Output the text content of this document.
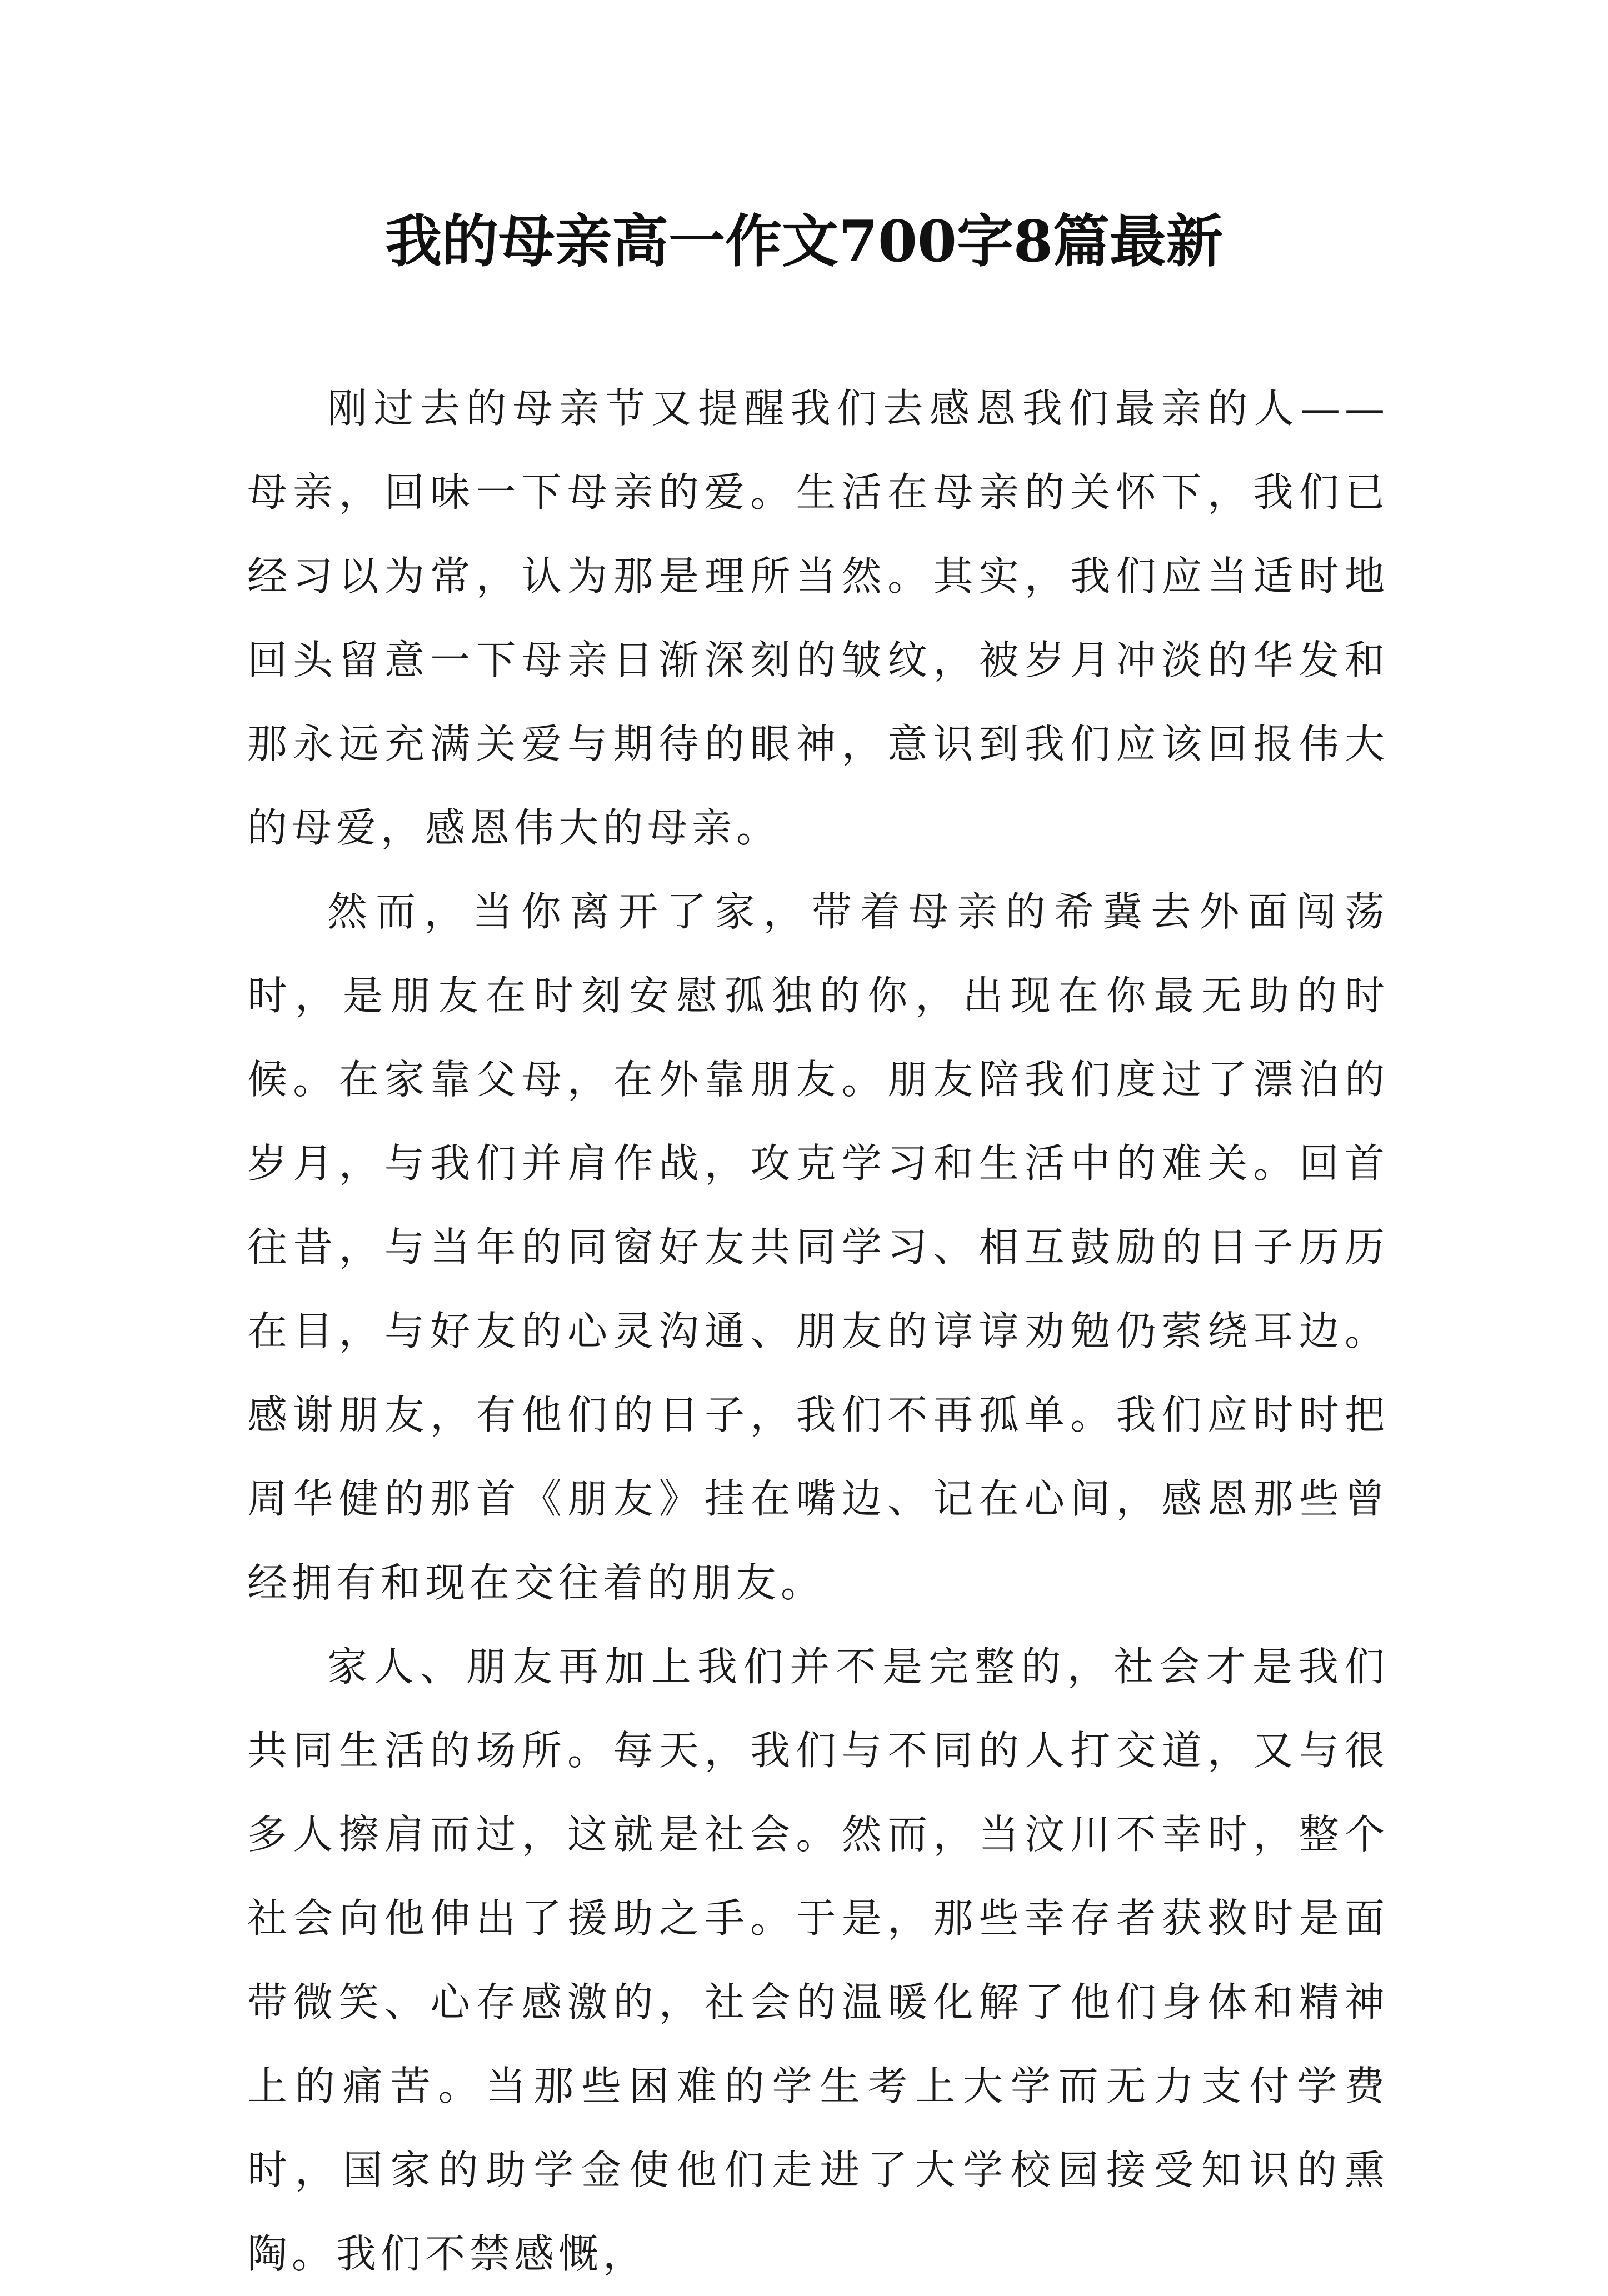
我的母亲高一作文700字8篇最新

刚过去的母亲节又提醒我们去感恩我们最亲的人——母亲，回味一下母亲的爱。生活在母亲的关怀下，我们已经习以为常，认为那是理所当然。其实，我们应当适时地回头留意一下母亲日渐深刻的皱纹，被岁月冲淡的华发和那永远充满关爱与期待的眼神，意识到我们应该回报伟大的母爱，感恩伟大的母亲。

然而，当你离开了家，带着母亲的希冀去外面闯荡时，是朋友在时刻安慰孤独的你，出现在你最无助的时候。在家靠父母，在外靠朋友。朋友陪我们度过了漂泊的岁月，与我们并肩作战，攻克学习和生活中的难关。回首往昔，与当年的同窗好友共同学习、相互鼓励的日子历历在目，与好友的心灵沟通、朋友的谆谆劝勉仍萦绕耳边。感谢朋友，有他们的日子，我们不再孤单。我们应时时把周华健的那首《朋友》挂在嘴边、记在心间，感恩那些曾经拥有和现在交往着的朋友。

家人、朋友再加上我们并不是完整的，社会才是我们共同生活的场所。每天，我们与不同的人打交道，又与很多人擦肩而过，这就是社会。然而，当汶川不幸时，整个社会向他伸出了援助之手。于是，那些幸存者获救时是面带微笑、心存感激的，社会的温暖化解了他们身体和精神上的痛苦。当那些困难的学生考上大学而无力支付学费时，国家的助学金使他们走进了大学校园接受知识的熏陶。我们不禁感慨，
